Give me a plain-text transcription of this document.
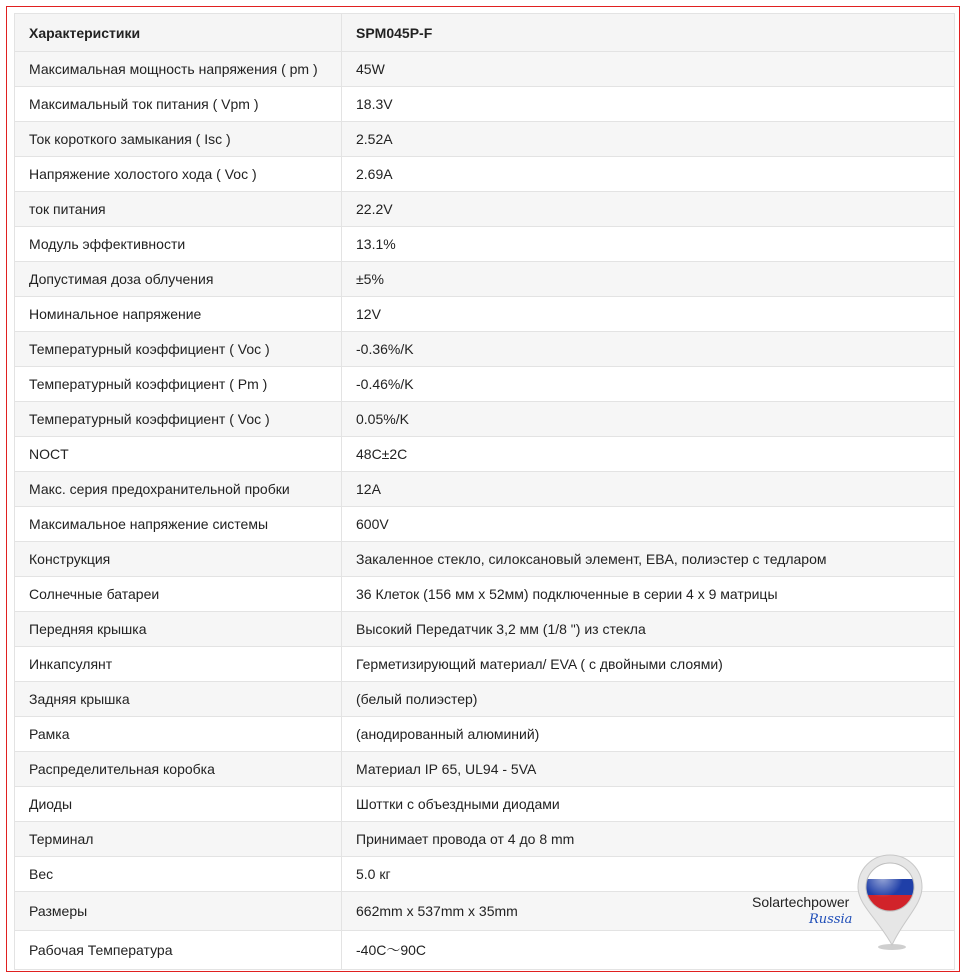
Характеристики	SPM045P-F
Максимальная мощность напряжения ( pm )	45W
Максимальный ток питания ( Vpm )	18.3V
Ток короткого замыкания ( Isc )	2.52A
Напряжение холостого хода ( Voc )	2.69A
ток питания	22.2V
Модуль эффективности	13.1%
Допустимая доза облучения	±5%
Номинальное напряжение	12V
Температурный коэффициент ( Voc )	-0.36%/K
Температурный коэффициент ( Pm )	-0.46%/K
Температурный коэффициент ( Voc )	0.05%/K
NOCT	48C±2C
Макс. серия предохранительной пробки	12A
Максимальное напряжение системы	600V
Конструкция	Закаленное стекло, силоксановый элемент, EBA, полиэстер с тедларом
Солнечные батареи	36 Клеток (156 мм x 52мм) подключенные в серии 4 x 9 матрицы
Передняя крышка	Высокий Передатчик 3,2 мм (1/8 ") из стекла
Инкапсулянт	Герметизирующий материал/ EVA ( с двойными слоями)
Задняя крышка	(белый полиэстер)
Рамка	(анодированный алюминий)
Распределительная коробка	Материал IP 65, UL94 - 5VA
Диоды	Шоттки с объездными диодами
Терминал	Принимает провода от 4 до 8 mm
Вес	5.0 кг
Размеры	662mm x 537mm x 35mm
Рабочая Температура	-40C～90C
Solartechpower
Russia
